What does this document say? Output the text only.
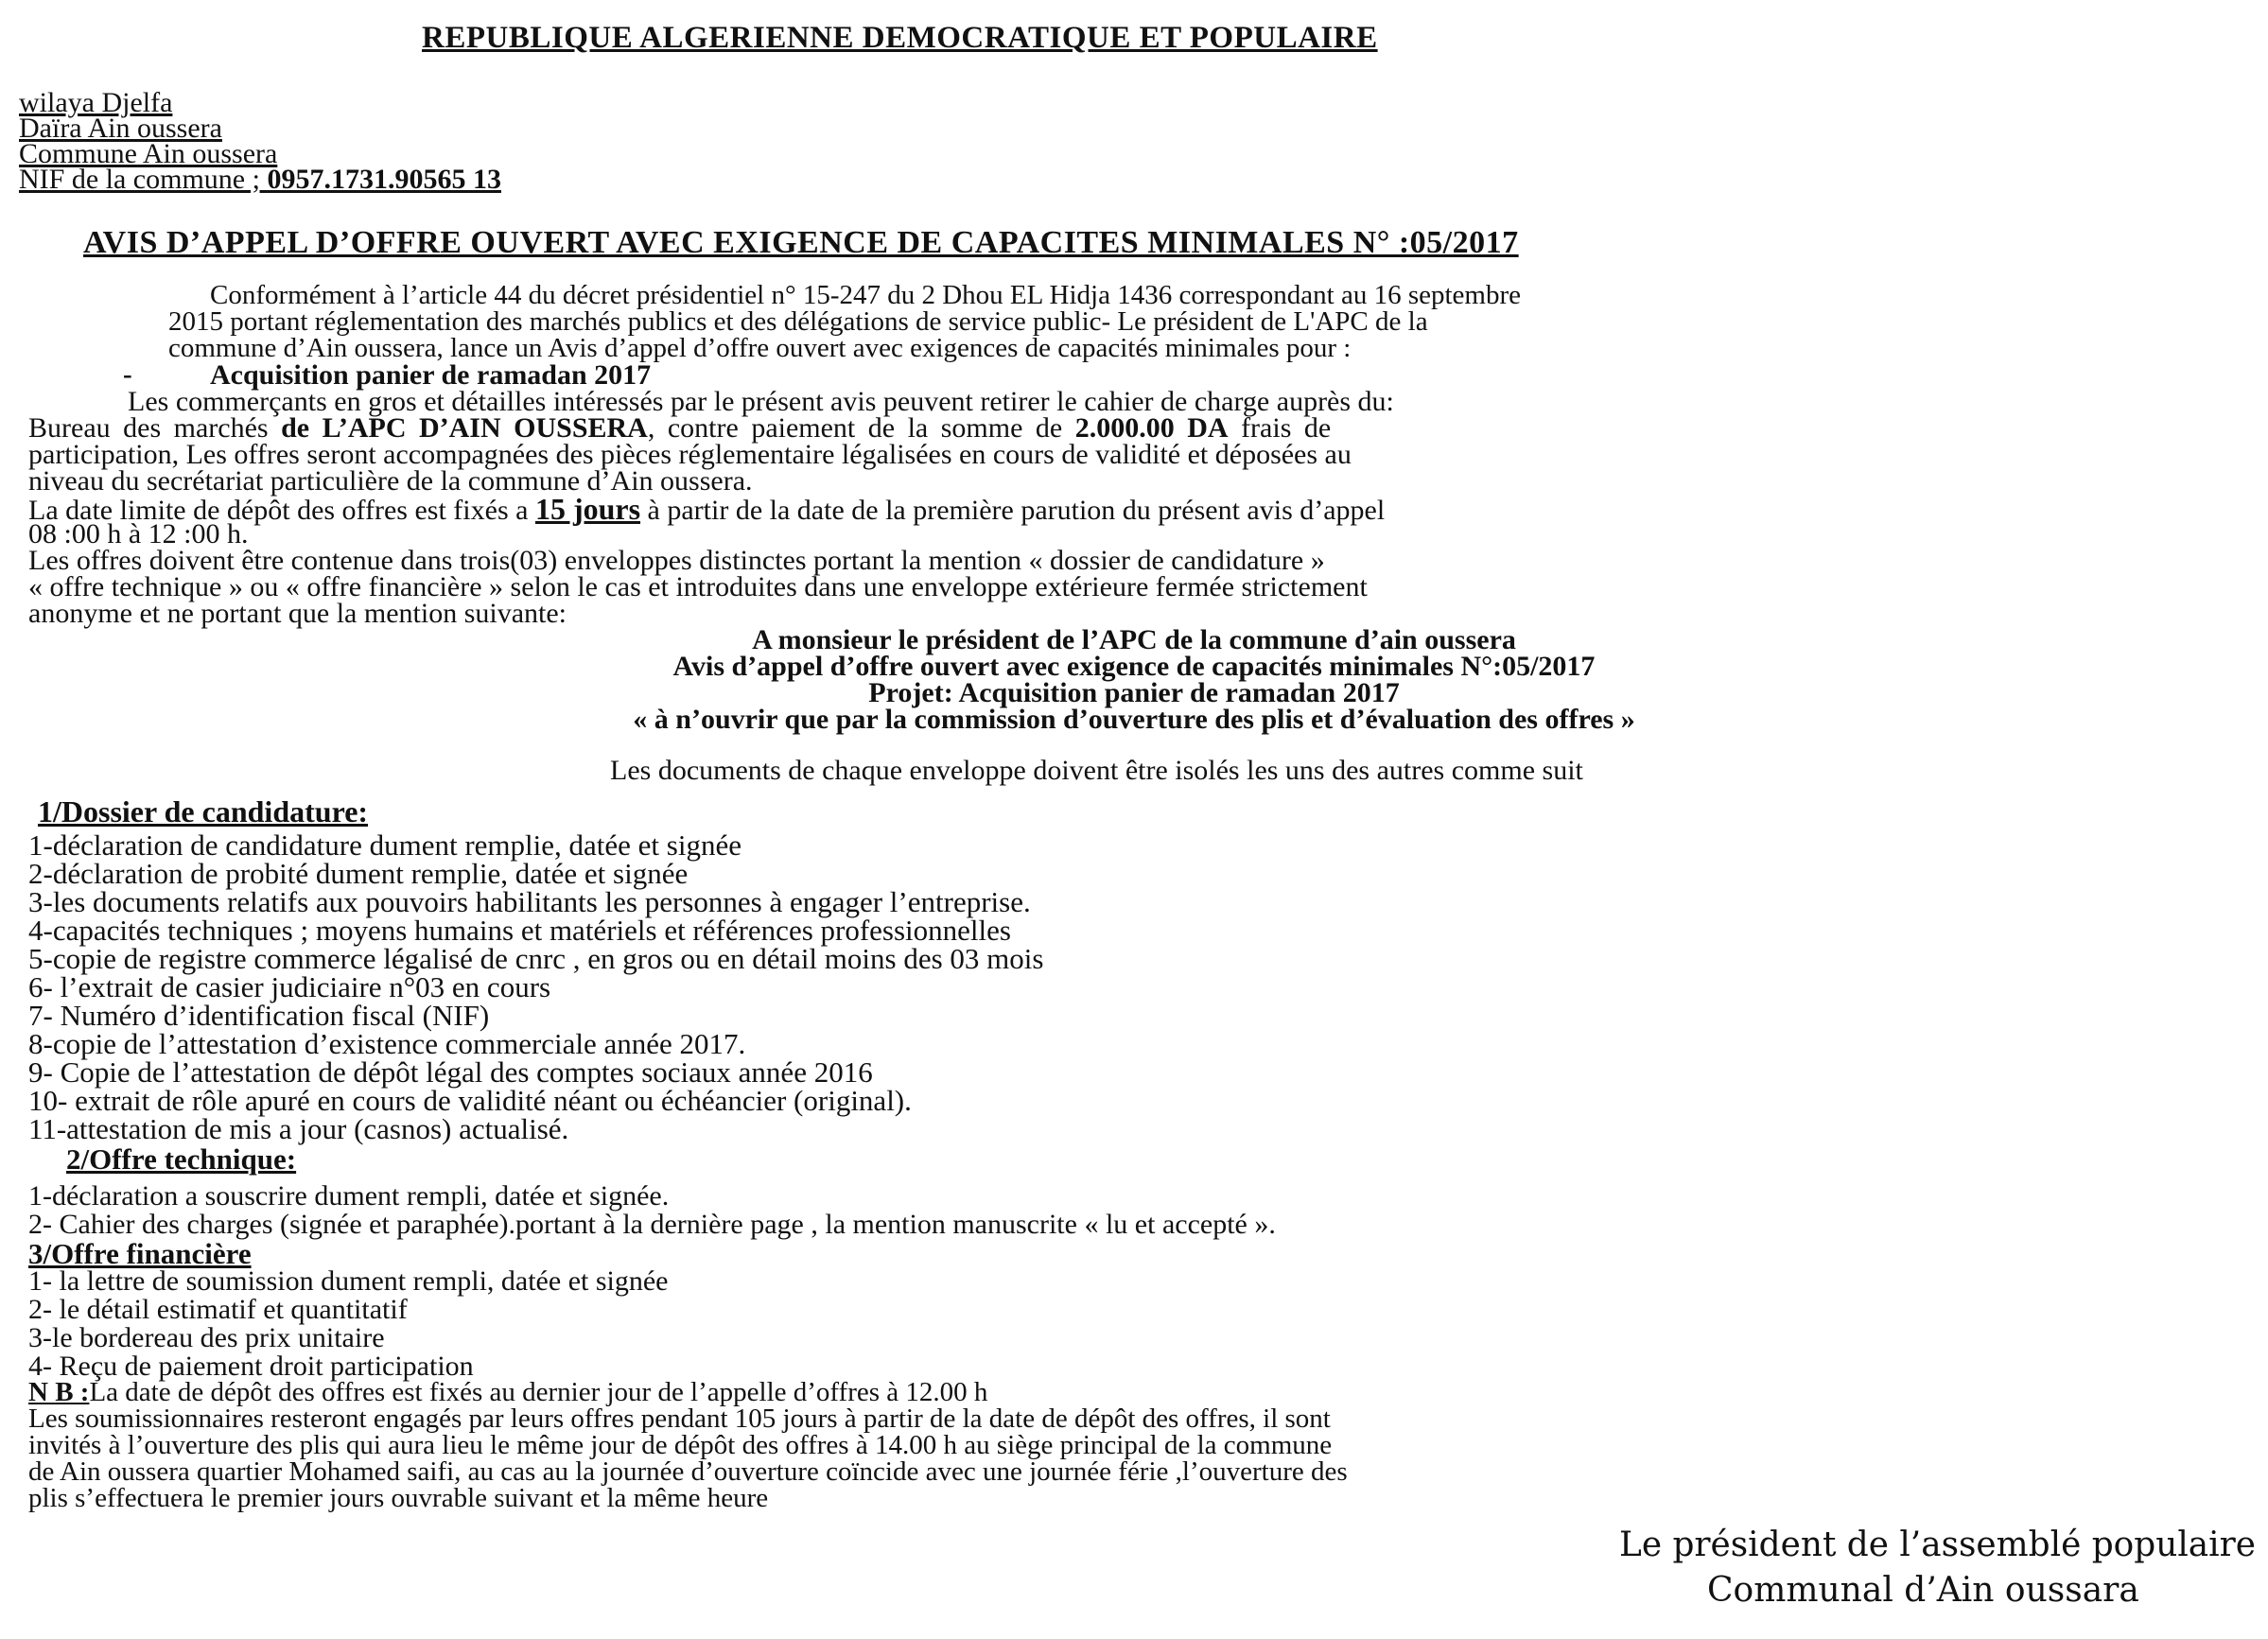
REPUBLIQUE ALGERIENNE DEMOCRATIQUE ET POPULAIRE
wilaya Djelfa
Daïra Ain oussera
Commune Ain oussera
NIF de la commune ; 0957.1731.90565 13
AVIS D’APPEL D’OFFRE OUVERT AVEC EXIGENCE DE CAPACITES MINIMALES N° :05/2017
Conformément à l’article 44 du décret présidentiel n° 15-247 du 2 Dhou EL Hidja 1436 correspondant au 16 septembre
2015 portant réglementation des marchés publics et des délégations de service public- Le président de L'APC de la
commune d’Ain oussera, lance un Avis d’appel d’offre ouvert avec exigences de capacités minimales pour :
-	Acquisition panier de ramadan 2017
Les commerçants en gros et détailles intéressés par le présent avis peuvent retirer le cahier de charge auprès du:
Bureau des marchés de L’APC D’AIN OUSSERA, contre paiement de la somme de 2.000.00 DA frais de
participation, Les offres seront accompagnées des pièces réglementaire légalisées en cours de validité et déposées au
niveau du secrétariat particulière de la commune d’Ain oussera.
La date limite de dépôt des offres est fixés a 15 jours à partir de la date de la première parution du présent avis d’appel
08 :00 h à 12 :00 h.
Les offres doivent être contenue dans trois(03) enveloppes distinctes portant la mention « dossier de candidature »
« offre technique » ou « offre financière » selon le cas et introduites dans une enveloppe extérieure fermée strictement
anonyme et ne portant que la mention suivante:
A monsieur le président de l’APC de la commune d’ain oussera
Avis d’appel d’offre ouvert avec exigence de capacités minimales N°:05/2017
Projet: Acquisition panier de ramadan 2017
« à n’ouvrir que par la commission d’ouverture des plis et d’évaluation des offres »
Les documents de chaque enveloppe doivent être isolés les uns des autres comme suit
1/Dossier de candidature:
1-déclaration de candidature dument remplie, datée et signée
2-déclaration de probité dument remplie, datée et signée
3-les documents relatifs aux pouvoirs habilitants les personnes à engager l’entreprise.
4-capacités techniques ; moyens humains et matériels et références professionnelles
5-copie de registre commerce légalisé de cnrc , en gros ou en détail moins des 03 mois
6- l’extrait de casier judiciaire n°03 en cours
7- Numéro d’identification fiscal (NIF)
8-copie de l’attestation d’existence commerciale année 2017.
9- Copie de l’attestation de dépôt légal des comptes sociaux année 2016
10- extrait de rôle apuré en cours de validité néant ou échéancier (original).
11-attestation de mis a jour (casnos) actualisé.
2/Offre technique:
1-déclaration a souscrire dument rempli, datée et signée.
2- Cahier des charges (signée et paraphée).portant à la dernière page , la mention manuscrite « lu et accepté ».
3/Offre financière
1- la lettre de soumission dument rempli, datée et signée
2- le détail estimatif et quantitatif
3-le bordereau des prix unitaire
4- Reçu de paiement droit participation
N B :La date de dépôt des offres est fixés au dernier jour de l’appelle d’offres à 12.00 h
Les soumissionnaires resteront engagés par leurs offres pendant 105 jours à partir de la date de dépôt des offres, il sont
invités à l’ouverture des plis qui aura lieu le même jour de dépôt des offres à 14.00 h au siège principal de la commune
de Ain oussera quartier Mohamed saifi, au cas au la journée d’ouverture coïncide avec une journée férie ,l’ouverture des
plis s’effectuera le premier jours ouvrable suivant et la même heure
Le président de l’assemblé populaire
Communal d’Ain oussara
